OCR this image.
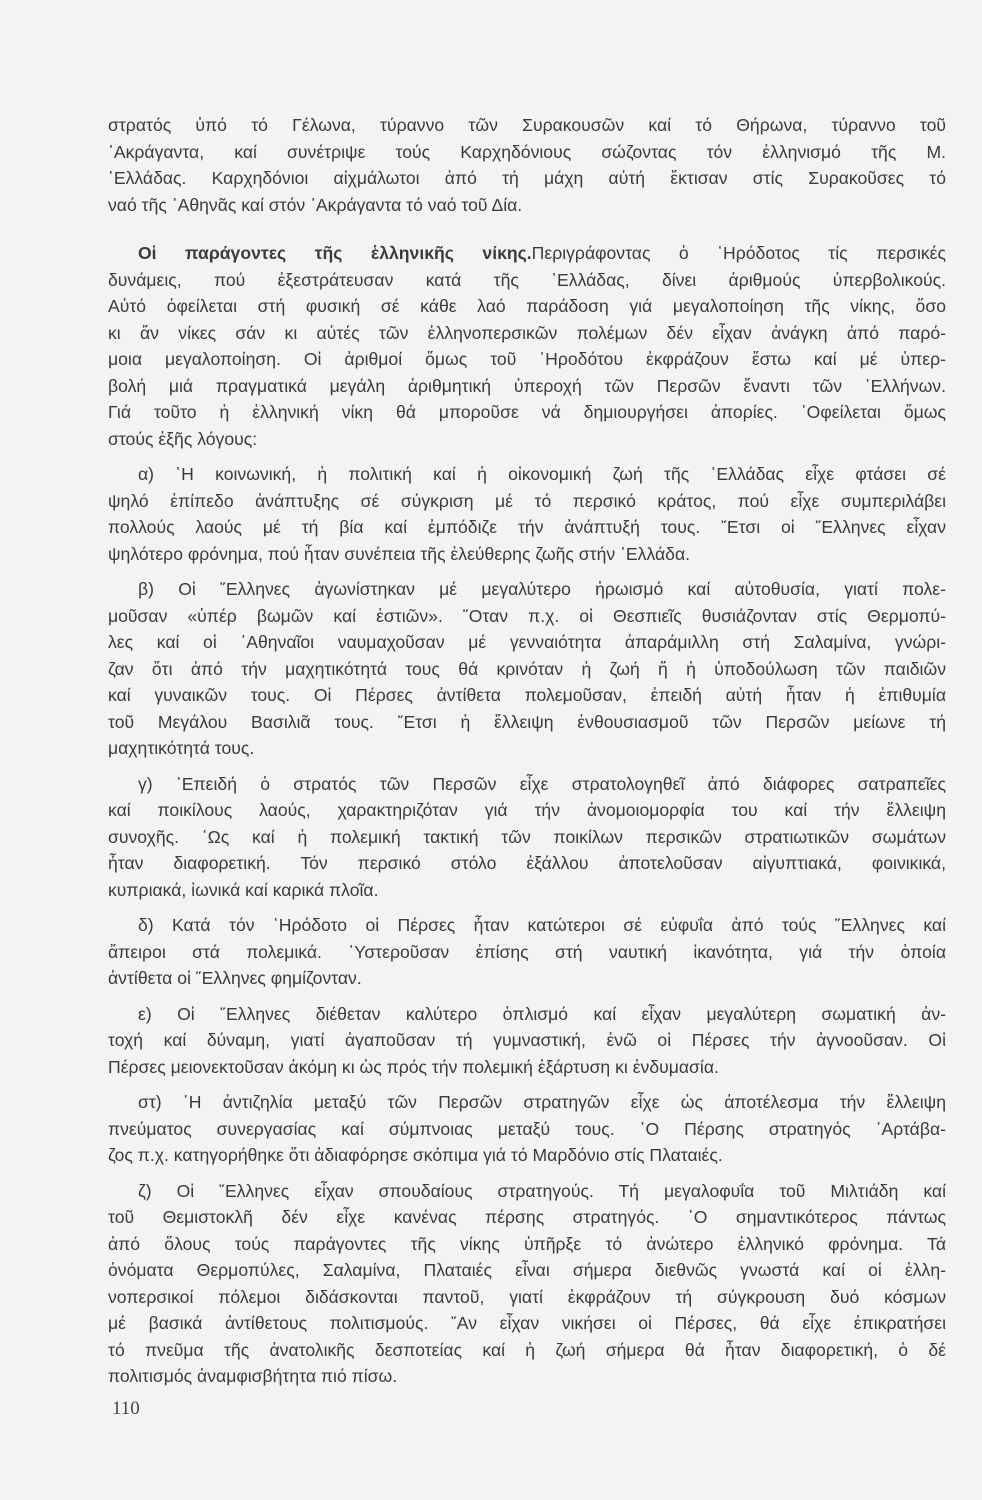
στρατός ὑπό τό Γέλωνα, τύραννο τῶν Συρακουσῶν καί τό Θήρωνα, τύραννο τοῦ
᾿Ακράγαντα, καί συνέτριψε τούς Καρχηδόνιους σώζοντας τόν ἑλληνισμό τῆς Μ.
῾Ελλάδας. Καρχηδόνιοι αἰχμάλωτοι ἀπό τή μάχη αὐτή ἔκτισαν στίς Συρακοῦσες τό
ναό τῆς ᾿Αθηνᾶς καί στόν ᾿Ακράγαντα τό ναό τοῦ Δία.
Οἱ παράγοντες τῆς ἑλληνικῆς νίκης.Περιγράφοντας ὁ ῾Ηρόδοτος τίς περσικές
δυνάμεις, πού ἐξεστράτευσαν κατά τῆς ῾Ελλάδας, δίνει ἀριθμούς ὑπερβολικούς.
Αὐτό ὀφείλεται στή φυσική σέ κάθε λαό παράδοση γιά μεγαλοποίηση τῆς νίκης, ὅσο
κι ἄν νίκες σάν κι αὐτές τῶν ἑλληνοπερσικῶν πολέμων δέν εἶχαν ἀνάγκη ἀπό παρό-
μοια μεγαλοποίηση. Οἱ ἀριθμοί ὅμως τοῦ ῾Ηροδότου ἐκφράζουν ἔστω καί μέ ὑπερ-
βολή μιά πραγματικά μεγάλη ἀριθμητική ὑπεροχή τῶν Περσῶν ἔναντι τῶν ῾Ελλήνων.
Γιά τοῦτο ἡ ἑλληνική νίκη θά μποροῦσε νά δημιουργήσει ἀπορίες. ᾿Οφείλεται ὅμως
στούς ἑξῆς λόγους:
α) ῾Η κοινωνική, ἡ πολιτική καί ἡ οἰκονομική ζωή τῆς ῾Ελλάδας εἶχε φτάσει σέ
ψηλό ἐπίπεδο ἀνάπτυξης σέ σύγκριση μέ τό περσικό κράτος, πού εἶχε συμπεριλάβει
πολλούς λαούς μέ τή βία καί ἐμπόδιζε τήν ἀνάπτυξή τους. ῎Ετσι οἱ ῞Ελληνες εἶχαν
ψηλότερο φρόνημα, πού ἦταν συνέπεια τῆς ἐλεύθερης ζωῆς στήν ῾Ελλάδα.
β) Οἱ ῞Ελληνες ἀγωνίστηκαν μέ μεγαλύτερο ἡρωισμό καί αὐτοθυσία, γιατί πολε-
μοῦσαν «ὑπέρ βωμῶν καί ἑστιῶν». ῞Οταν π.χ. οἱ Θεσπιεῖς θυσιάζονταν στίς Θερμοπύ-
λες καί οἱ ᾿Αθηναῖοι ναυμαχοῦσαν μέ γενναιότητα ἀπαράμιλλη στή Σαλαμίνα, γνώρι-
ζαν ὅτι ἀπό τήν μαχητικότητά τους θά κρινόταν ἡ ζωή ἤ ἡ ὑποδούλωση τῶν παιδιῶν
καί γυναικῶν τους. Οἱ Πέρσες ἀντίθετα πολεμοῦσαν, ἐπειδή αὐτή ἦταν ἡ ἐπιθυμία
τοῦ Μεγάλου Βασιλιᾶ τους. ῎Ετσι ἡ ἔλλειψη ἐνθουσιασμοῦ τῶν Περσῶν μείωνε τή
μαχητικότητά τους.
γ) ᾿Επειδή ὁ στρατός τῶν Περσῶν εἶχε στρατολογηθεῖ ἀπό διάφορες σατραπεῖες
καί ποικίλους λαούς, χαρακτηριζόταν γιά τήν ἀνομοιομορφία του καί τήν ἔλλειψη
συνοχῆς. ῾Ως καί ἡ πολεμική τακτική τῶν ποικίλων περσικῶν στρατιωτικῶν σωμάτων
ἦταν διαφορετική. Τόν περσικό στόλο ἐξάλλου ἀποτελοῦσαν αἰγυπτιακά, φοινικικά,
κυπριακά, ἰωνικά καί καρικά πλοῖα.
δ) Κατά τόν ῾Ηρόδοτο οἱ Πέρσες ἦταν κατώτεροι σέ εὐφυΐα ἀπό τούς ῞Ελληνες καί
ἄπειροι στά πολεμικά. ῾Υστεροῦσαν ἐπίσης στή ναυτική ἱκανότητα, γιά τήν ὁποία
ἀντίθετα οἱ ῞Ελληνες φημίζονταν.
ε) Οἱ ῞Ελληνες διέθεταν καλύτερο ὁπλισμό καί εἶχαν μεγαλύτερη σωματική ἀν-
τοχή καί δύναμη, γιατί ἀγαποῦσαν τή γυμναστική, ἐνῶ οἱ Πέρσες τήν ἀγνοοῦσαν. Οἱ
Πέρσες μειονεκτοῦσαν ἀκόμη κι ὡς πρός τήν πολεμική ἐξάρτυση κι ἐνδυμασία.
στ) ῾Η ἀντιζηλία μεταξύ τῶν Περσῶν στρατηγῶν εἶχε ὡς ἀποτέλεσμα τήν ἔλλειψη
πνεύματος συνεργασίας καί σύμπνοιας μεταξύ τους. ῾Ο Πέρσης στρατηγός ᾿Αρτάβα-
ζος π.χ. κατηγορήθηκε ὅτι ἀδιαφόρησε σκόπιμα γιά τό Μαρδόνιο στίς Πλαταιές.
ζ) Οἱ ῞Ελληνες εἶχαν σπουδαίους στρατηγούς. Τή μεγαλοφυΐα τοῦ Μιλτιάδη καί
τοῦ Θεμιστοκλῆ δέν εἶχε κανένας πέρσης στρατηγός. ῾Ο σημαντικότερος πάντως
ἀπό ὅλους τούς παράγοντες τῆς νίκης ὑπῆρξε τό ἀνώτερο ἑλληνικό φρόνημα. Τά
ὀνόματα Θερμοπύλες, Σαλαμίνα, Πλαταιές εἶναι σήμερα διεθνῶς γνωστά καί οἱ ἑλλη-
νοπερσικοί πόλεμοι διδάσκονται παντοῦ, γιατί ἐκφράζουν τή σύγκρουση δυό κόσμων
μέ βασικά ἀντίθετους πολιτισμούς. ῎Αν εἶχαν νικήσει οἱ Πέρσες, θά εἶχε ἐπικρατήσει
τό πνεῦμα τῆς ἀνατολικῆς δεσποτείας καί ἡ ζωή σήμερα θά ἦταν διαφορετική, ὁ δέ
πολιτισμός ἀναμφισβήτητα πιό πίσω.
110
